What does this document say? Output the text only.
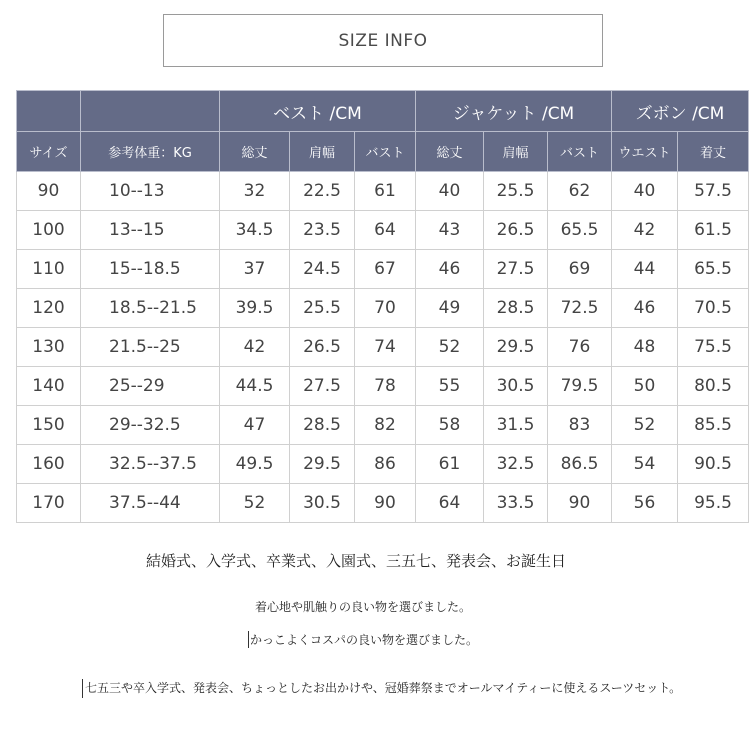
SIZE INFO
		ベスト /CM			ジャケット /CM			ズボン /CM	
サイズ	参考体重：KG	総丈	肩幅	バスト	総丈	肩幅	バスト	ウエスト	着丈
90	10--13	32	22.5	61	40	25.5	62	40	57.5
100	13--15	34.5	23.5	64	43	26.5	65.5	42	61.5
110	15--18.5	37	24.5	67	46	27.5	69	44	65.5
120	18.5--21.5	39.5	25.5	70	49	28.5	72.5	46	70.5
130	21.5--25	42	26.5	74	52	29.5	76	48	75.5
140	25--29	44.5	27.5	78	55	30.5	79.5	50	80.5
150	29--32.5	47	28.5	82	58	31.5	83	52	85.5
160	32.5--37.5	49.5	29.5	86	61	32.5	86.5	54	90.5
170	37.5--44	52	30.5	90	64	33.5	90	56	95.5
結婚式、入学式、卒業式、入園式、三五七、発表会、お誕生日
着心地や肌触りの良い物を選びました。
かっこよくコスパの良い物を選びました。
七五三や卒入学式、発表会、ちょっとしたお出かけや、冠婚葬祭までオールマイティーに使えるスーツセット。
